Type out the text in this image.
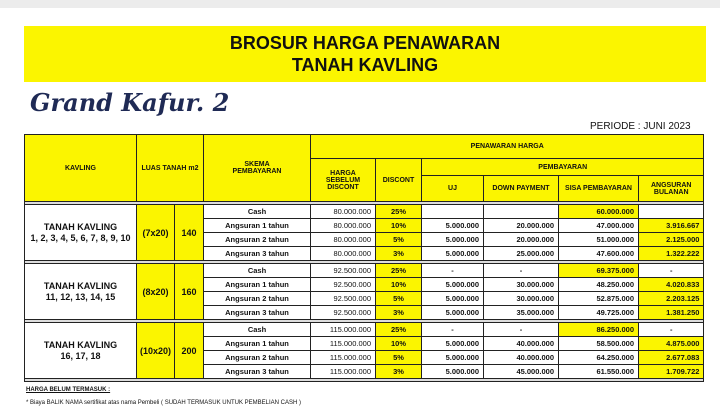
BROSUR HARGA PENAWARAN
TANAH KAVLING
Grand Kafur. 2
PERIODE : JUNI 2023
KAVLING	LUAS TANAH m2		SKEMA PEMBAYARAN	PENAWARAN HARGA					
				HARGA SEBELUM DISCONT	DISCONT	PEMBAYARAN			
						UJ	DOWN PAYMENT	SISA PEMBAYARAN	ANGSURAN BULANAN

TANAH KAVLING
1, 2, 3, 4, 5, 6, 7, 8, 9, 10	(7x20)	140	Cash	80.000.000	25%			60.000.000	
			Angsuran 1 tahun	80.000.000	10%	5.000.000	20.000.000	47.000.000	3.916.667
			Angsuran 2 tahun	80.000.000	5%	5.000.000	20.000.000	51.000.000	2.125.000
			Angsuran 3 tahun	80.000.000	3%	5.000.000	25.000.000	47.600.000	1.322.222

TANAH KAVLING
11, 12, 13, 14, 15	(8x20)	160	Cash	92.500.000	25%	-	-	69.375.000	-
			Angsuran 1 tahun	92.500.000	10%	5.000.000	30.000.000	48.250.000	4.020.833
			Angsuran 2 tahun	92.500.000	5%	5.000.000	30.000.000	52.875.000	2.203.125
			Angsuran 3 tahun	92.500.000	3%	5.000.000	35.000.000	49.725.000	1.381.250

TANAH KAVLING
16, 17, 18	(10x20)	200	Cash	115.000.000	25%	-	-	86.250.000	-
			Angsuran 1 tahun	115.000.000	10%	5.000.000	40.000.000	58.500.000	4.875.000
			Angsuran 2 tahun	115.000.000	5%	5.000.000	40.000.000	64.250.000	2.677.083
			Angsuran 3 tahun	115.000.000	3%	5.000.000	45.000.000	61.550.000	1.709.722

HARGA BELUM TERMASUK :
* Biaya BALIK NAMA sertifikat atas nama Pembeli ( SUDAH TERMASUK UNTUK PEMBELIAN CASH )
